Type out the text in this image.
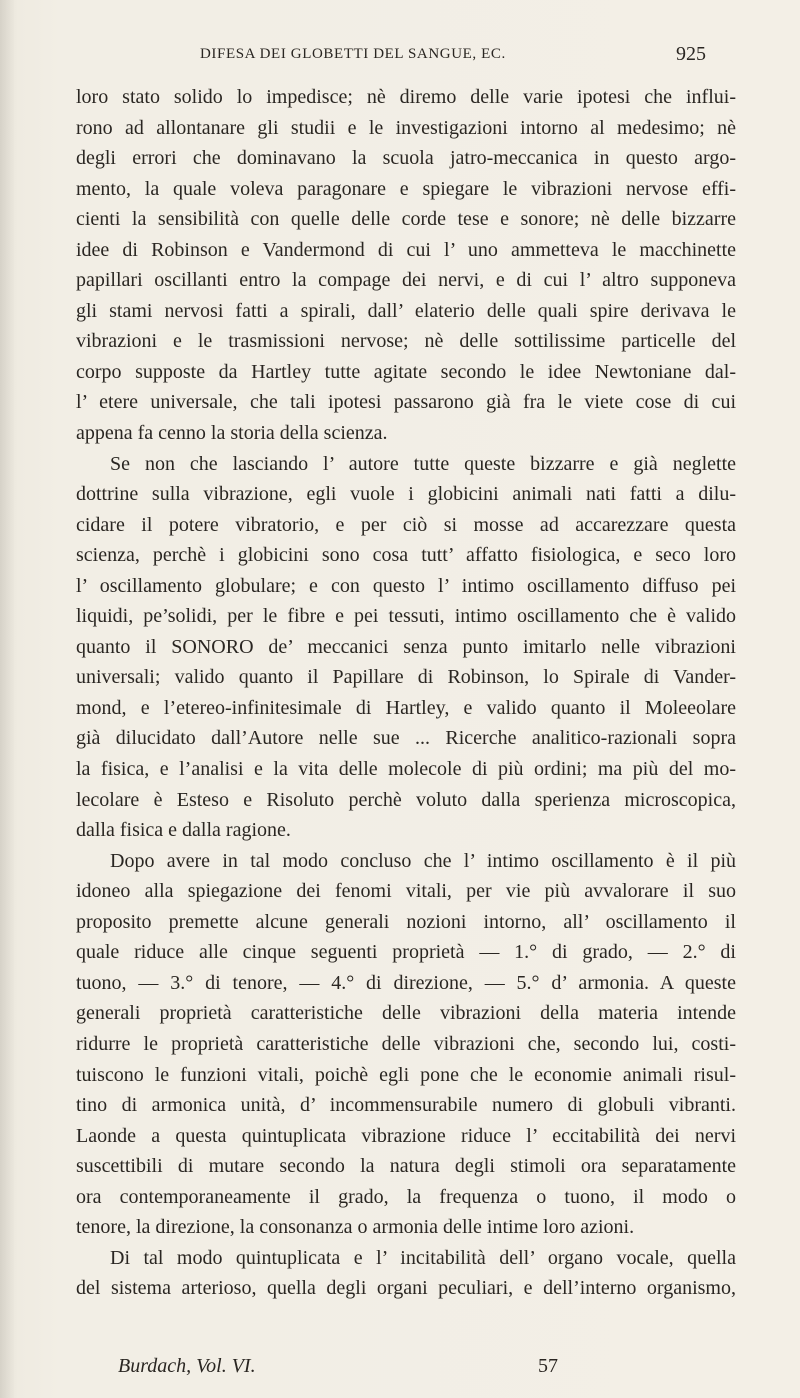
DIFESA DEI GLOBETTI DEL SANGUE, EC.	925
loro stato solido lo impedisce; nè diremo delle varie ipotesi che influi-
rono ad allontanare gli studii e le investigazioni intorno al medesimo; nè
degli errori che dominavano la scuola jatro-meccanica in questo argo-
mento, la quale voleva paragonare e spiegare le vibrazioni nervose effi-
cienti la sensibilità con quelle delle corde tese e sonore; nè delle bizzarre
idee di Robinson e Vandermond di cui l’ uno ammetteva le macchinette
papillari oscillanti entro la compage dei nervi, e di cui l’ altro supponeva
gli stami nervosi fatti a spirali, dall’ elaterio delle quali spire derivava le
vibrazioni e le trasmissioni nervose; nè delle sottilissime particelle del
corpo supposte da Hartley tutte agitate secondo le idee Newtoniane dal-
l’ etere universale, che tali ipotesi passarono già fra le viete cose di cui
appena fa cenno la storia della scienza.
Se non che lasciando l’ autore tutte queste bizzarre e già neglette
dottrine sulla vibrazione, egli vuole i globicini animali nati fatti a dilu-
cidare il potere vibratorio, e per ciò si mosse ad accarezzare questa
scienza, perchè i globicini sono cosa tutt’ affatto fisiologica, e seco loro
l’ oscillamento globulare; e con questo l’ intimo oscillamento diffuso pei
liquidi, pe’solidi, per le fibre e pei tessuti, intimo oscillamento che è valido
quanto il SONORO de’ meccanici senza punto imitarlo nelle vibrazioni
universali; valido quanto il Papillare di Robinson, lo Spirale di Vander-
mond, e l’etereo-infinitesimale di Hartley, e valido quanto il Moleeolare
già dilucidato dall’Autore nelle sue ... Ricerche analitico-razionali sopra
la fisica, e l’analisi e la vita delle molecole di più ordini; ma più del mo-
lecolare è Esteso e Risoluto perchè voluto dalla sperienza microscopica,
dalla fisica e dalla ragione.
Dopo avere in tal modo concluso che l’ intimo oscillamento è il più
idoneo alla spiegazione dei fenomi vitali, per vie più avvalorare il suo
proposito premette alcune generali nozioni intorno, all’ oscillamento il
quale riduce alle cinque seguenti proprietà — 1.° di grado, — 2.° di
tuono, — 3.° di tenore, — 4.° di direzione, — 5.° d’ armonia. A queste
generali proprietà caratteristiche delle vibrazioni della materia intende
ridurre le proprietà caratteristiche delle vibrazioni che, secondo lui, costi-
tuiscono le funzioni vitali, poichè egli pone che le economie animali risul-
tino di armonica unità, d’ incommensurabile numero di globuli vibranti.
Laonde a questa quintuplicata vibrazione riduce l’ eccitabilità dei nervi
suscettibili di mutare secondo la natura degli stimoli ora separatamente
ora contemporaneamente il grado, la frequenza o tuono, il modo o
tenore, la direzione, la consonanza o armonia delle intime loro azioni.
Di tal modo quintuplicata e l’ incitabilità dell’ organo vocale, quella
del sistema arterioso, quella degli organi peculiari, e dell’interno organismo,
Burdach, Vol. VI.	57
